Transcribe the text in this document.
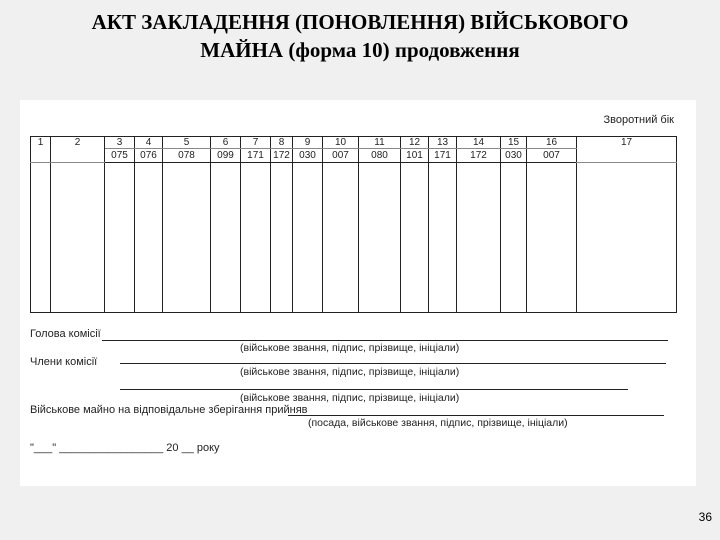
АКТ ЗАКЛАДЕННЯ (ПОНОВЛЕННЯ) ВІЙСЬКОВОГО
МАЙНА (форма 10) продовження
Зворотний бік
1	2	3	4	5	6	7	8	9	10	11	12	13	14	15	16	17
		075	076	078	099	171	172	030	007	080	101	171	172	030	007	

Голова комісії
(військове звання, підпис, прізвище, ініціали)
Члени комісії
(військове звання, підпис, прізвище, ініціали)
(військове звання, підпис, прізвище, ініціали)
Військове майно на відповідальне зберігання прийняв
(посада, військове звання, підпис, прізвище, ініціали)
"___" _________________ 20 __ року
36
